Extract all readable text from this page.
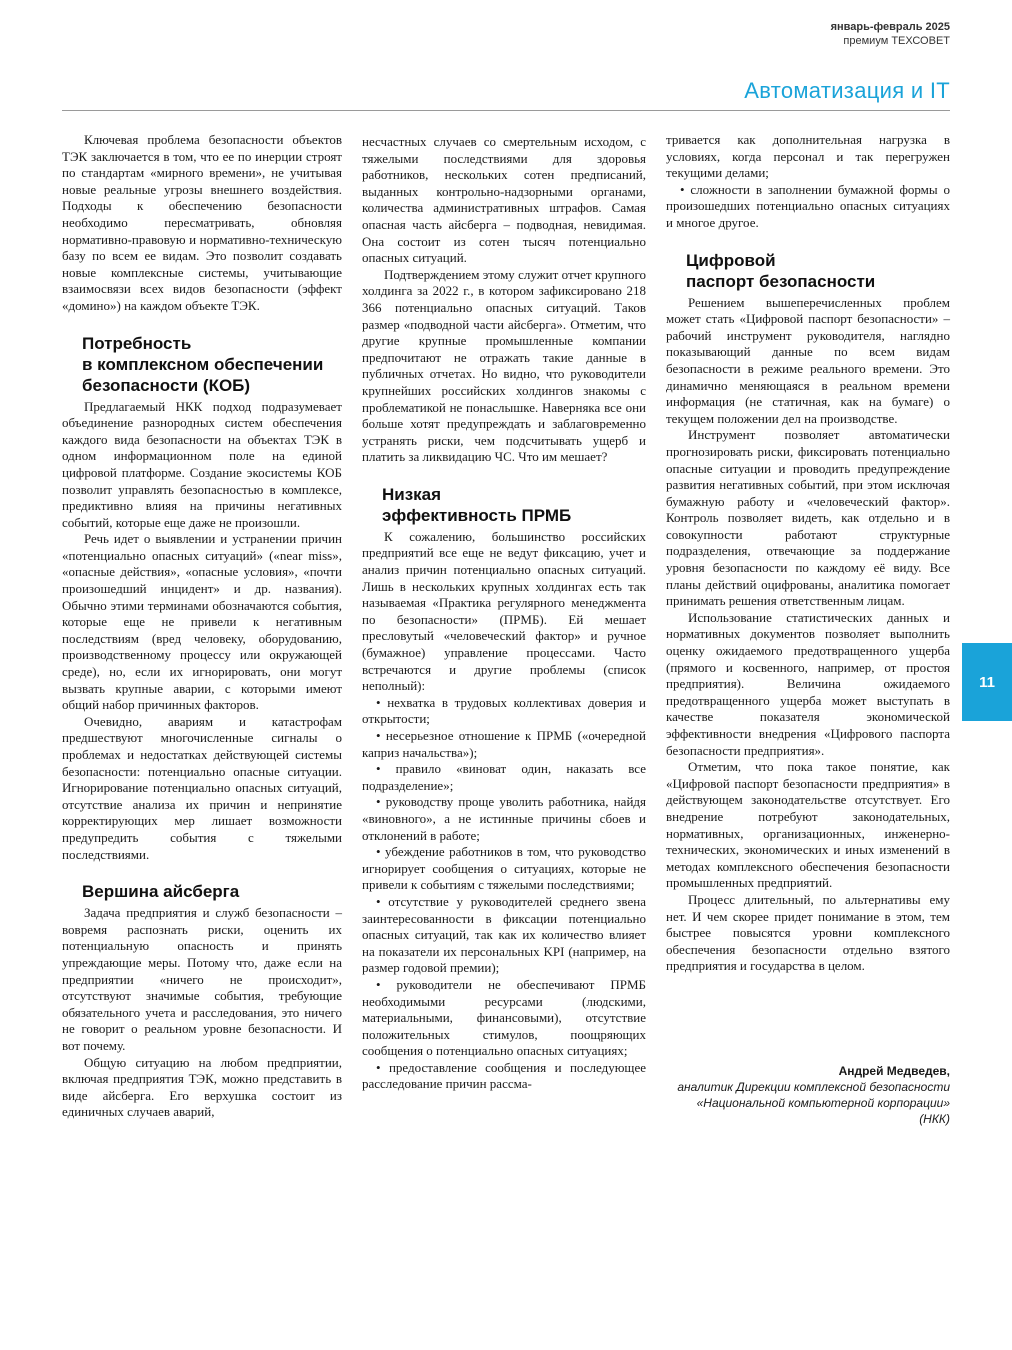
январь-февраль 2025
премиум ТЕХСОВЕТ
Автоматизация и IT

Ключевая проблема безопасности объектов ТЭК заключается в том, что ее по инерции строят по стандартам «мирного времени», не учитывая новые реальные угрозы внешнего воздействия. Подходы к обеспечению безопасности необходимо пересматривать, обновляя нормативно-правовую и нормативно-техническую базу по всем ее видам. Это позволит создавать новые комплексные системы, учитывающие взаимосвязи всех видов безопасности (эффект «домино») на каждом объекте ТЭК.

Потребность
в комплексном обеспечении
безопасности (КОБ)

Предлагаемый НКК подход подразумевает объединение разнородных систем обеспечения каждого вида безопасности на объектах ТЭК в одном информационном поле на единой цифровой платформе. Создание экосистемы КОБ позволит управлять безопасностью в комплексе, предиктивно влияя на причины негативных событий, которые еще даже не произошли.

Речь идет о выявлении и устранении причин «потенциально опасных ситуаций» («near miss», «опасные действия», «опасные условия», «почти произошедший инцидент» и др. названия). Обычно этими терминами обозначаются события, которые еще не привели к негативным последствиям (вред человеку, оборудованию, производственному процессу или окружающей среде), но, если их игнорировать, они могут вызвать крупные аварии, с которыми имеют общий набор причинных факторов.

Очевидно, авариям и катастрофам предшествуют многочисленные сигналы о проблемах и недостатках действующей системы безопасности: потенциально опасные ситуации. Игнорирование потенциально опасных ситуаций, отсутствие анализа их причин и непринятие корректирующих мер лишает возможности предупредить события с тяжелыми последствиями.

Вершина айсберга

Задача предприятия и служб безопасности – вовремя распознать риски, оценить их потенциальную опасность и принять упреждающие меры. Потому что, даже если на предприятии «ничего не происходит», отсутствуют значимые события, требующие обязательного учета и расследования, это ничего не говорит о реальном уровне безопасности. И вот почему.

Общую ситуацию на любом предприятии, включая предприятия ТЭК, можно представить в виде айсберга. Его верхушка состоит из единичных случаев аварий,

несчастных случаев со смертельным исходом, с тяжелыми последствиями для здоровья работников, нескольких сотен предписаний, выданных контрольно-надзорными органами, количества административных штрафов. Самая опасная часть айсберга – подводная, невидимая. Она состоит из сотен тысяч потенциально опасных ситуаций.

Подтверждением этому служит отчет крупного холдинга за 2022 г., в котором зафиксировано 218 366 потенциально опасных ситуаций. Таков размер «подводной части айсберга». Отметим, что другие крупные промышленные компании предпочитают не отражать такие данные в публичных отчетах. Но видно, что руководители крупнейших российских холдингов знакомы с проблематикой не понаслышке. Наверняка все они больше хотят предупреждать и заблаговременно устранять риски, чем подсчитывать ущерб и платить за ликвидацию ЧС. Что им мешает?

Низкая
эффективность ПРМБ

К сожалению, большинство российских предприятий все еще не ведут фиксацию, учет и анализ причин потенциально опасных ситуаций. Лишь в нескольких крупных холдингах есть так называемая «Практика регулярного менеджмента по безопасности» (ПРМБ). Ей мешает пресловутый «человеческий фактор» и ручное (бумажное) управление процессами. Часто встречаются и другие проблемы (список неполный):

• нехватка в трудовых коллективах доверия и открытости;

• несерьезное отношение к ПРМБ («очередной каприз начальства»);

• правило «виноват один, наказать все подразделение»;

• руководству проще уволить работника, найдя «виновного», а не истинные причины сбоев и отклонений в работе;

• убеждение работников в том, что руководство игнорирует сообщения о ситуациях, которые не привели к событиям с тяжелыми последствиями;

• отсутствие у руководителей среднего звена заинтересованности в фиксации потенциально опасных ситуаций, так как их количество влияет на показатели их персональных KPI (например, на размер годовой премии);

• руководители не обеспечивают ПРМБ необходимыми ресурсами (людскими, материальными, финансовыми), отсутствие положительных стимулов, поощряющих сообщения о потенциально опасных ситуациях;

• предоставление сообщения и последующее расследование причин рассма-

тривается как дополнительная нагрузка в условиях, когда персонал и так перегружен текущими делами;

• сложности в заполнении бумажной формы о произошедших потенциально опасных ситуациях и многое другое.

Цифровой
паспорт безопасности

Решением вышеперечисленных проблем может стать «Цифровой паспорт безопасности» – рабочий инструмент руководителя, наглядно показывающий данные по всем видам безопасности в режиме реального времени. Это динамично меняющаяся в реальном времени информация (не статичная, как на бумаге) о текущем положении дел на производстве.

Инструмент позволяет автоматически прогнозировать риски, фиксировать потенциально опасные ситуации и проводить предупреждение развития негативных событий, при этом исключая бумажную работу и «человеческий фактор». Контроль позволяет видеть, как отдельно и в совокупности работают структурные подразделения, отвечающие за поддержание уровня безопасности по каждому её виду. Все планы действий оцифрованы, аналитика помогает принимать решения ответственным лицам.

Использование статистических данных и нормативных документов позволяет выполнить оценку ожидаемого предотвращенного ущерба (прямого и косвенного, например, от простоя предприятия). Величина ожидаемого предотвращенного ущерба может выступать в качестве показателя экономической эффективности внедрения «Цифрового паспорта безопасности предприятия».

Отметим, что пока такое понятие, как «Цифровой паспорт безопасности предприятия» в действующем законодательстве отсутствует. Его внедрение потребуют законодательных, нормативных, организационных, инженерно-технических, экономических и иных изменений в методах комплексного обеспечения безопасности промышленных предприятий.

Процесс длительный, по альтернативы ему нет. И чем скорее придет понимание в этом, тем быстрее повысятся уровни комплексного обеспечения безопасности отдельно взятого предприятия и государства в целом.

Андрей Медведев,
аналитик Дирекции комплексной безопасности
«Национальной компьютерной корпорации» (НКК)
11
